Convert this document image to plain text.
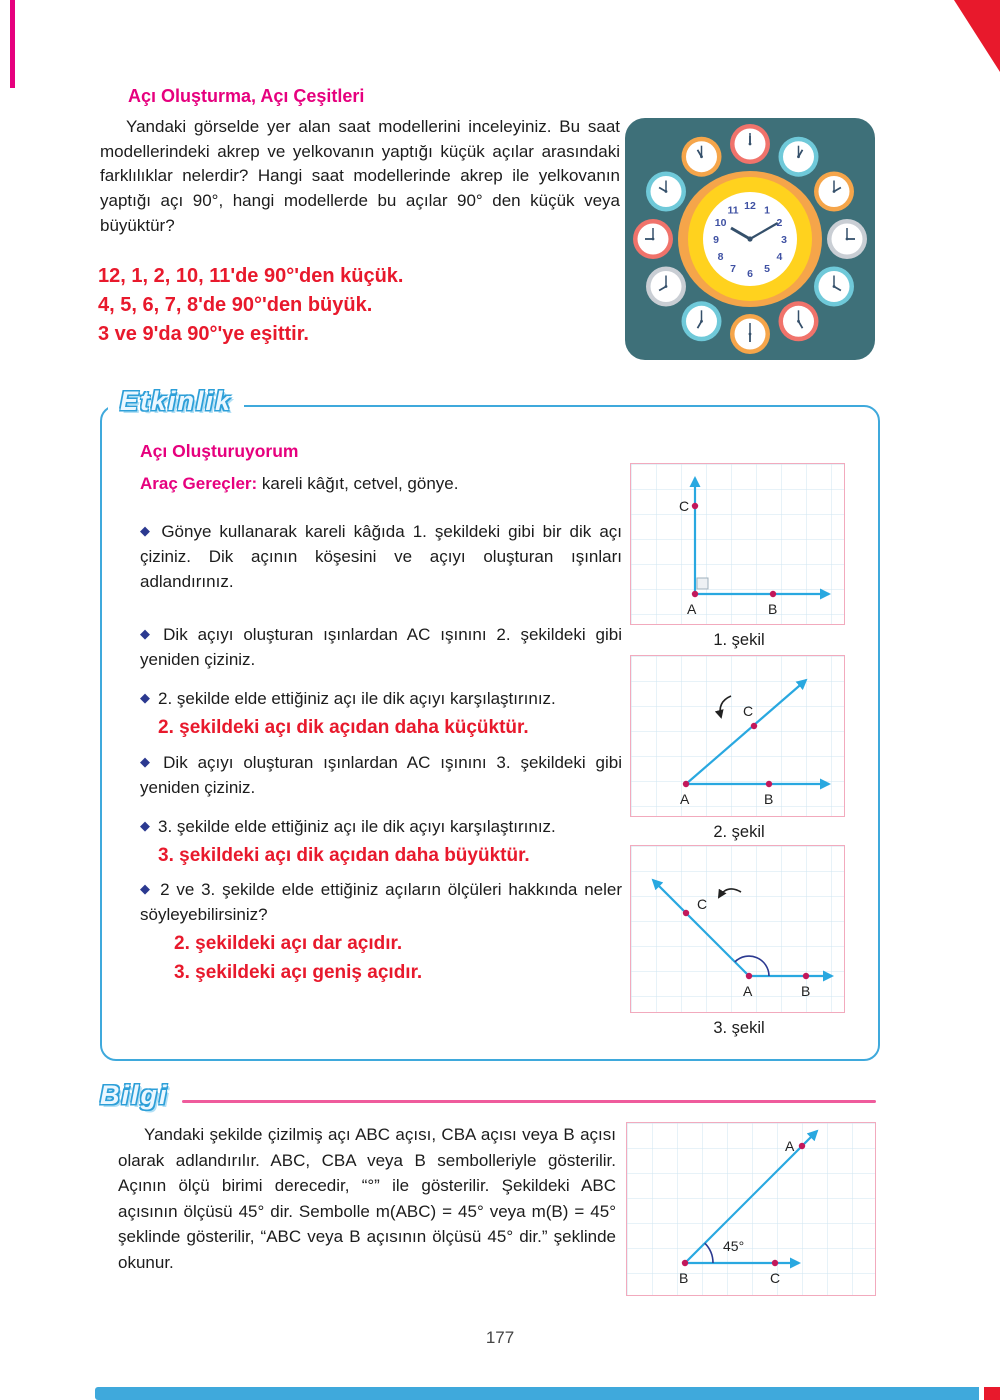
Açı Oluşturma, Açı Çeşitleri
Yandaki görselde yer alan saat modellerini inceleyiniz. Bu saat modellerindeki akrep ve yelkovanın yaptığı küçük açılar arasındaki farklılıklar nelerdir? Hangi saat modellerinde akrep ile yelkovanın yaptığı açı 90°, hangi modellerde bu açılar 90° den küçük veya büyüktür?

12, 1, 2, 10, 11'de 90°'den küçük.

4, 5, 6, 7, 8'de 90°'den büyük.

3 ve 9'da 90°'ye eşittir.

12 1
2
3
4
5
6
7
8
9
10
11
Etkinlik

Açı Oluşturuyorum

Araç Gereçler: kareli kâğıt, cetvel, gönye.

◆ Gönye kullanarak kareli kâğıda 1. şekildeki gibi bir dik açı çiziniz. Dik açının köşesini ve açıyı oluşturan ışınları adlandırınız.

◆ Dik açıyı oluşturan ışınlardan AC ışınını 2. şekildeki gibi yeniden çiziniz.

◆ 2. şekilde elde ettiğiniz açı ile dik açıyı karşılaştırınız.

2. şekildeki açı dik açıdan daha küçüktür.

◆ Dik açıyı oluşturan ışınlardan AC ışınını 3. şekildeki gibi yeniden çiziniz.

◆ 3. şekilde elde ettiğiniz açı ile dik açıyı karşılaştırınız.

3. şekildeki açı dik açıdan daha büyüktür.

◆ 2 ve 3. şekilde elde ettiğiniz açıların ölçüleri hakkında neler söyleyebilirsiniz?

2. şekildeki açı dar açıdır.

3. şekildeki açı geniş açıdır.

C
A	B
1. şekil
A	B
C
2. şekil
A	B
C
3. şekil
Bilgi
Yandaki şekilde çizilmiş açı ABC açısı, CBA açısı veya B açısı olarak adlandırılır. ABC, CBA veya B sembolleriyle gösterilir. Açının ölçü birimi derecedir, “°” ile gösterilir. Şekildeki ABC açısının ölçüsü 45° dir. Sembolle m(ABC) = 45° veya m(B) = 45° şeklinde gösterilir, “ABC veya B açısının ölçüsü 45° dir.” şeklinde okunur.
B	C
A
45°
177
